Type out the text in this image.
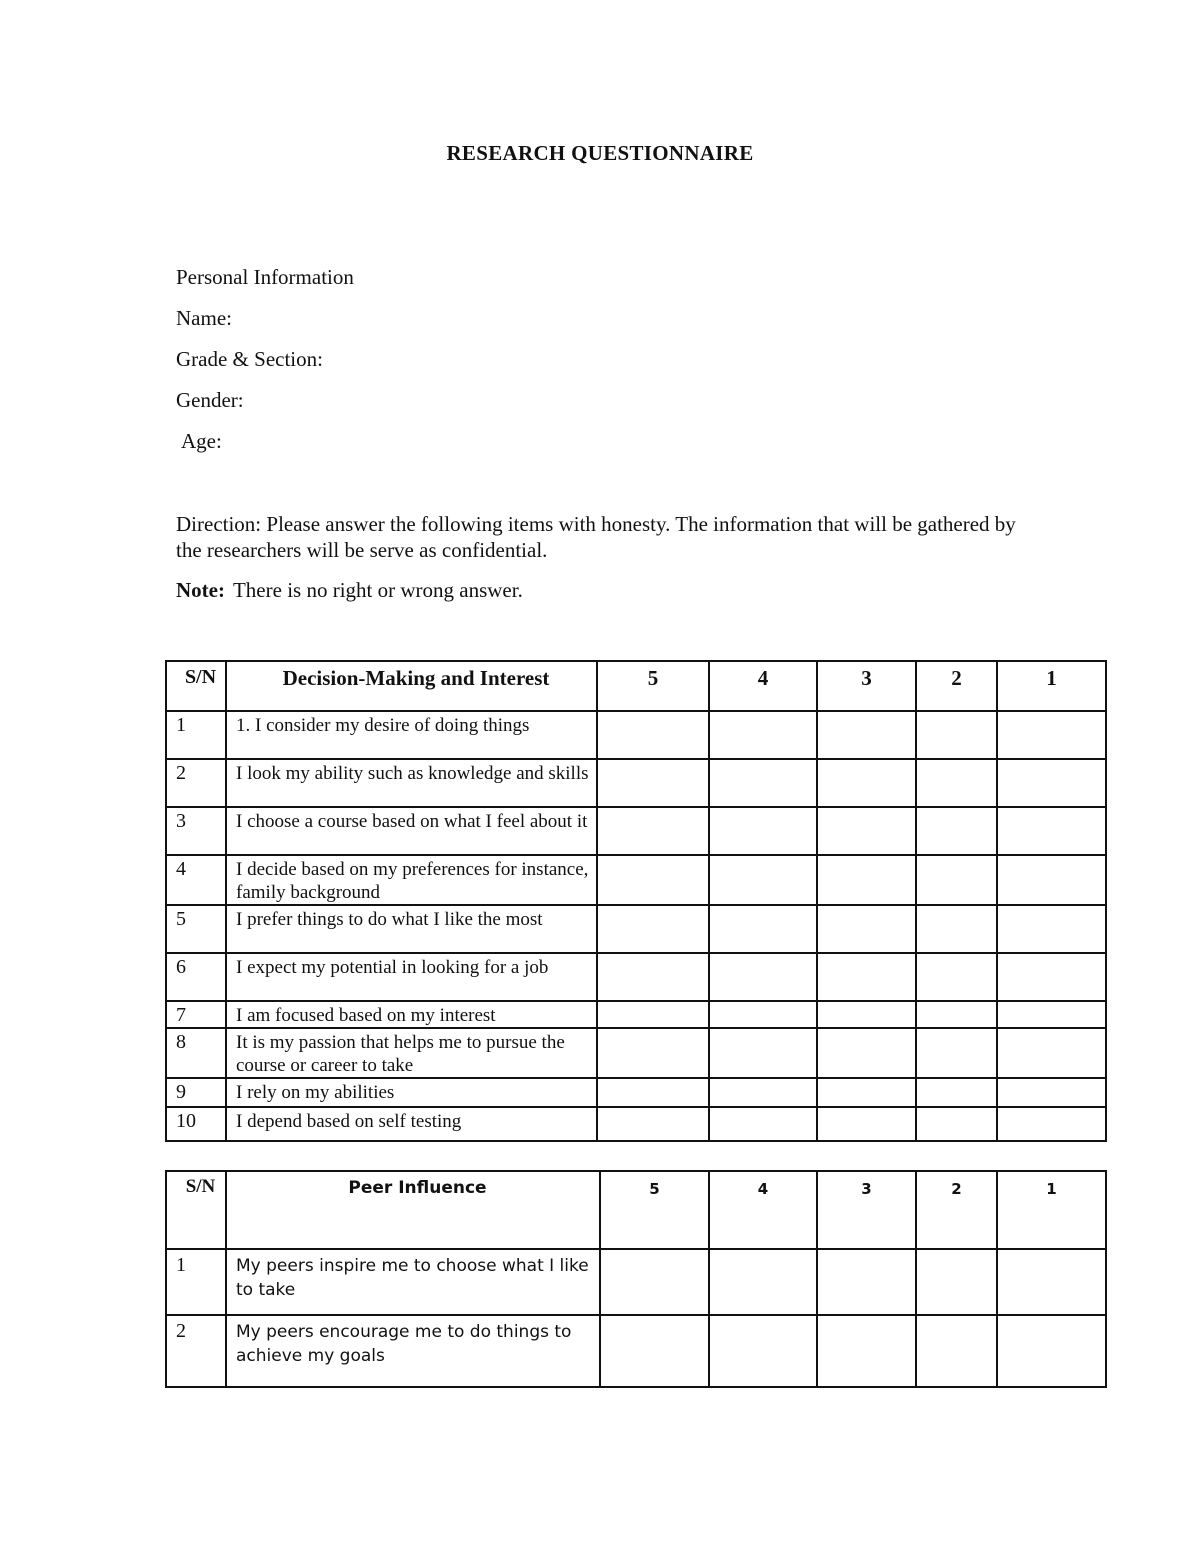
RESEARCH QUESTIONNAIRE
Personal Information
Name:
Grade & Section:
Gender:
Age:
Direction: Please answer the following items with honesty. The information that will be gathered by the researchers will be serve as confidential.
Note: There is no right or wrong answer.
S/N	Decision-Making and Interest	5	4	3	2	1
1	1. I consider my desire of doing things					
2	I look my ability such as knowledge and skills					
3	I choose a course based on what I feel about it					
4	I decide based on my preferences for instance, family background					
5	I prefer things to do what I like the most					
6	I expect my potential in looking for a job					
7	I am focused based on my interest					
8	It is my passion that helps me to pursue the course or career to take					
9	I rely on my abilities					
10	I depend based on self testing					
S/N	Peer Influence	5	4	3	2	1
1	My peers inspire me to choose what I like to take					
2	My peers encourage me to do things to achieve my goals					
